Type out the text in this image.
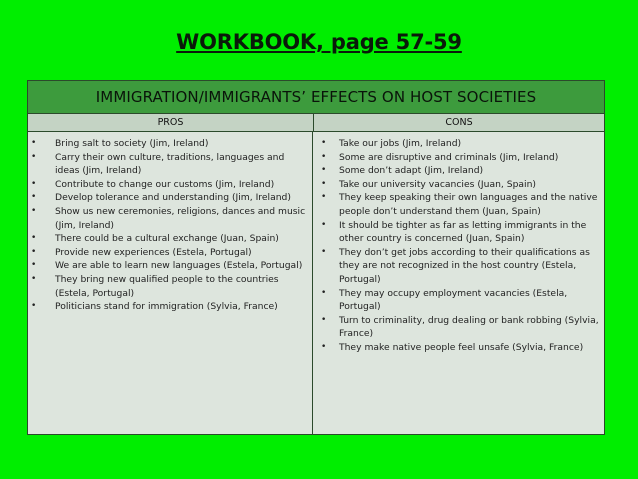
WORKBOOK, page 57-59
IMMIGRATION/IMMIGRANTS’ EFFECTS ON HOST SOCIETIES
PROS	CONS
• Bring salt to society (Jim, Ireland)
• Carry their own culture, traditions, languages and ideas (Jim, Ireland)
• Contribute to change our customs (Jim, Ireland)
• Develop tolerance and understanding (Jim, Ireland)
• Show us new ceremonies, religions, dances and music (Jim, Ireland)
• There could be a cultural exchange (Juan, Spain)
• Provide new experiences (Estela, Portugal)
• We are able to learn new languages (Estela, Portugal)
• They bring new qualified people to the countries (Estela, Portugal)
• Politicians stand for immigration (Sylvia, France)
• Take our jobs (Jim, Ireland)
• Some are disruptive and criminals (Jim, Ireland)
• Some don’t adapt (Jim, Ireland)
• Take our university vacancies (Juan, Spain)
• They keep speaking their own languages and the native people don’t understand them (Juan, Spain)
• It should be tighter as far as letting immigrants in the other country is concerned (Juan, Spain)
• They don’t get jobs according to their qualifications as they are not recognized in the host country (Estela, Portugal)
• They may occupy employment vacancies (Estela, Portugal)
• Turn to criminality, drug dealing or bank robbing (Sylvia, France)
• They make native people feel unsafe (Sylvia, France)
